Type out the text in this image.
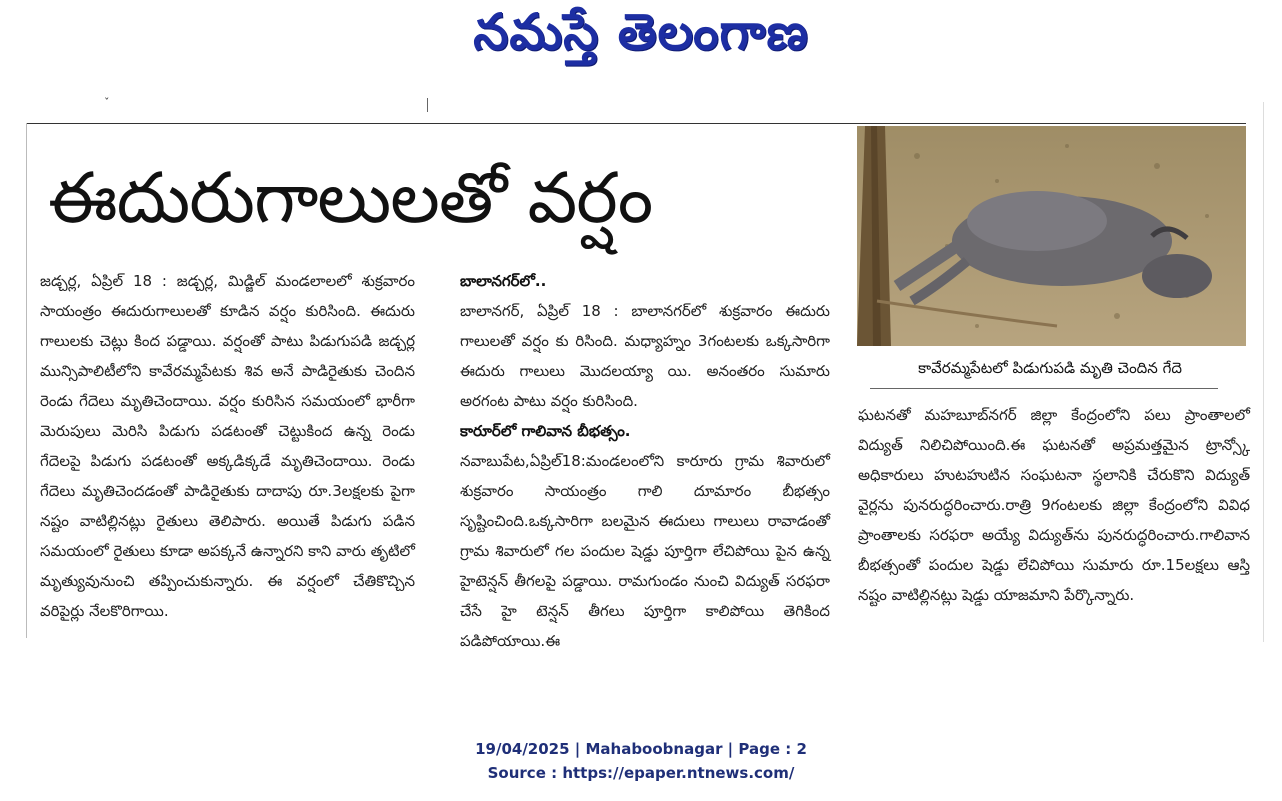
నమస్తే తెలంగాణ
ˇ
ఈదురుగాలులతో వర్షం

జడ్చర్ల, ఏప్రిల్ 18 : జడ్చర్ల, మిడ్జిల్ మండలాలలో శుక్రవారం సాయంత్రం ఈదురుగాలులతో కూడిన వర్షం కురిసింది. ఈదురు గాలులకు చెట్లు కింద పడ్డాయి. వర్షంతో పాటు పిడుగుపడి జడ్చర్ల మున్సిపాలిటీలోని కావేరమ్మపేటకు శివ అనే పాడిరైతుకు చెందిన రెండు గేదెలు మృతిచెందాయి. వర్షం కురిసిన సమయంలో భారీగా మెరుపులు మెరిసి పిడుగు పడటంతో చెట్టుకింద ఉన్న రెండు గేదెలపై పిడుగు పడటంతో అక్కడిక్కడే మృతిచెందాయి. రెండు గేదెలు మృతిచెందడంతో పాడిరైతుకు దాదాపు రూ.3లక్షలకు పైగా నష్టం వాటిల్లినట్లు రైతులు తెలిపారు. అయితే పిడుగు పడిన సమయంలో రైతులు కూడా అపక్కనే ఉన్నారని కాని వారు తృటిలో మృత్యువునుంచి తప్పించుకున్నారు. ఈ వర్షంలో చేతికొచ్చిన వరిపైర్లు నేలకొరిగాయి.

బాలానగర్‌లో..

బాలానగర్, ఏప్రిల్ 18 : బాలానగర్‌లో శుక్రవారం ఈదురు గాలులతో వర్షం కు రిసింది. మధ్యాహ్నం 3గంటలకు ఒక్కసారిగా ఈదురు గాలులు మొదలయ్యా యి. అనంతరం సుమారు అరగంట పాటు వర్షం కురిసింది.

కారూర్‌లో గాలివాన బీభత్సం.

నవాబుపేట,ఏప్రిల్18:మండలంలోని కారూరు గ్రామ శివారులో శుక్రవారం సాయంత్రం గాలి దూమారం బీభత్సం సృష్టించింది.ఒక్కసారిగా బలమైన ఈదులు గాలులు రావాడంతో గ్రామ శివారులో గల పందుల షెడ్డు పూర్తిగా లేచిపోయి పైన ఉన్న హైటెన్షన్ తీగలపై పడ్డాయి. రామగుండం నుంచి విద్యుత్ సరఫరా చేసే హై టెన్షన్ తీగలు పూర్తిగా కాలిపోయి తెగికింద పడిపోయాయి.ఈ

కావేరమ్మపేటలో పిడుగుపడి మృతి చెందిన గేదె

ఘటనతో మహబూబ్‌నగర్ జిల్లా కేంద్రంలోని పలు ప్రాంతాలలో విద్యుత్ నిలిచిపోయింది.ఈ ఘటనతో అప్రమత్తమైన ట్రాన్స్కో అధికారులు హుటహుటిన సంఘటనా స్థలానికి చేరుకొని విద్యుత్ వైర్లను పునరుద్ధరించారు.రాత్రి 9గంటలకు జిల్లా కేంద్రంలోని వివిధ ప్రాంతాలకు సరఫరా అయ్యే విద్యుత్‌ను పునరుద్ధరించారు.గాలివాన బీభత్సంతో పందుల షెడ్డు లేచిపోయి సుమారు రూ.15లక్షలు ఆస్తి నష్టం వాటిల్లినట్లు షెడ్డు యాజమాని పేర్కొన్నారు.

19/04/2025 | Mahaboobnagar | Page : 2
Source : https://epaper.ntnews.com/
